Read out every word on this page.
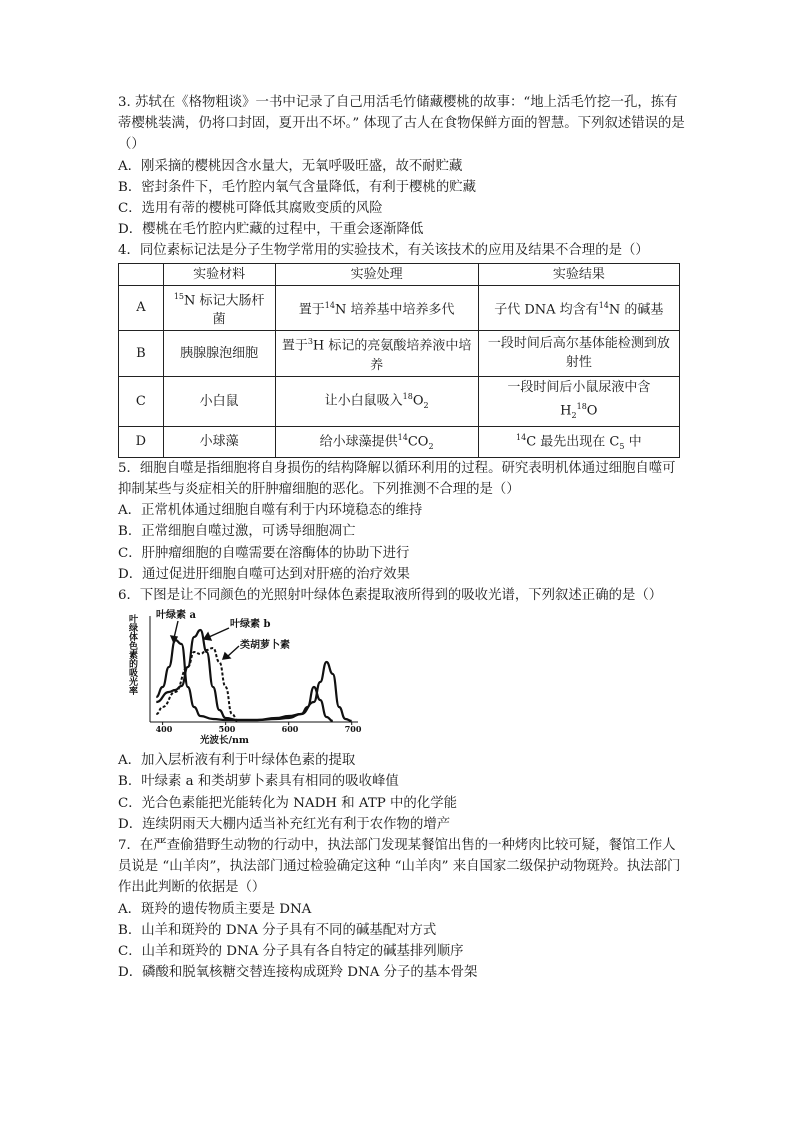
3. 苏轼在《格物粗谈》一书中记录了自己用活毛竹储藏樱桃的故事：“地上活毛竹挖一孔，拣有蒂樱桃装满，仍将口封固，夏开出不坏。” 体现了古人在食物保鲜方面的智慧。下列叙述错误的是（）

A．刚采摘的樱桃因含水量大，无氧呼吸旺盛，故不耐贮藏

B．密封条件下，毛竹腔内氧气含量降低，有利于樱桃的贮藏

C．选用有蒂的樱桃可降低其腐败变质的风险

D．樱桃在毛竹腔内贮藏的过程中，干重会逐渐降低

4．同位素标记法是分子生物学常用的实验技术，有关该技术的应用及结果不合理的是（）

	实验材料	实验处理	实验结果
A	$^{15}$N 标记大肠杆菌	置于$^{14}$N 培养基中培养多代	子代 DNA 均含有$^{14}$N 的碱基
B	胰腺腺泡细胞	置于$^3$H 标记的亮氨酸培养液中培养	一段时间后高尔基体能检测到放射性
C	小白鼠	让小白鼠吸入$^{18}O_2$	一段时间后小鼠尿液中含
$H_2^{18}O$
D	小球藻	给小球藻提供$^{14}CO_2$	$^{14}$C 最先出现在 $C_5$ 中

5．细胞自噬是指细胞将自身损伤的结构降解以循环利用的过程。研究表明机体通过细胞自噬可抑制某些与炎症相关的肝肿瘤细胞的恶化。下列推测不合理的是（）

A．正常机体通过细胞自噬有利于内环境稳态的维持

B．正常细胞自噬过激，可诱导细胞凋亡

C．肝肿瘤细胞的自噬需要在溶酶体的协助下进行

D．通过促进肝细胞自噬可达到对肝癌的治疗效果

6．下图是让不同颜色的光照射叶绿体色素提取液所得到的吸收光谱，下列叙述正确的是（）

叶绿体色素的吸光率
400	500	600	700
光波长/nm
叶绿素 a
叶绿素 b
类胡萝卜素

A．加入层析液有利于叶绿体色素的提取

B．叶绿素 a 和类胡萝卜素具有相同的吸收峰值

C．光合色素能把光能转化为 NADH 和 ATP 中的化学能

D．连续阴雨天大棚内适当补充红光有利于农作物的增产

7．在严查偷猎野生动物的行动中，执法部门发现某餐馆出售的一种烤肉比较可疑，餐馆工作人员说是 “山羊肉”，执法部门通过检验确定这种 “山羊肉” 来自国家二级保护动物斑羚。执法部门作出此判断的依据是（）

A．斑羚的遗传物质主要是 DNA

B．山羊和斑羚的 DNA 分子具有不同的碱基配对方式

C．山羊和斑羚的 DNA 分子具有各自特定的碱基排列顺序

D．磷酸和脱氧核糖交替连接构成斑羚 DNA 分子的基本骨架
